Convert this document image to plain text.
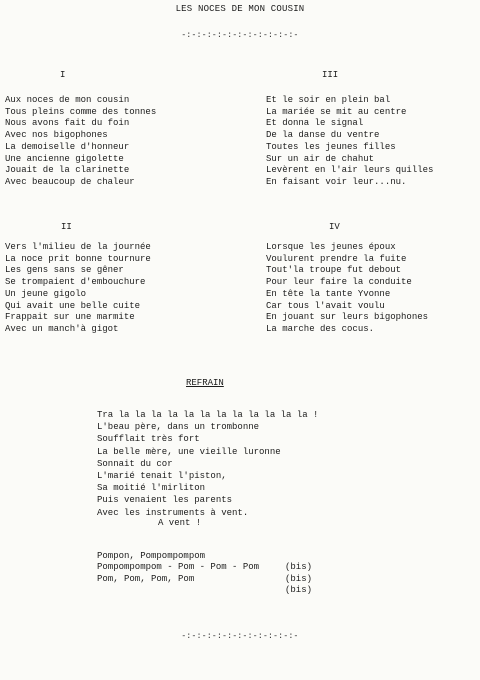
LES NOCES DE MON COUSIN
-:-:-:-:-:-:-:-:-:-:-:-
I
Aux noces de mon cousin
Tous pleins comme des tonnes
Nous avons fait du foin
Avec nos bigophones
La demoiselle d'honneur
Une ancienne gigolette
Jouait de la clarinette
Avec beaucoup de chaleur
III
Et le soir en plein bal
La mariée se mit au centre
Et donna le signal
De la danse du ventre
Toutes les jeunes filles
Sur un air de chahut
Levèrent en l'air leurs quilles
En faisant voir leur...nu.
II
Vers l'milieu de la journée
La noce prit bonne tournure
Les gens sans se gêner
Se trompaient d'embouchure
Un jeune gigolo
Qui avait une belle cuite
Frappait sur une marmite
Avec un manch'à gigot
IV
Lorsque les jeunes époux
Voulurent prendre la fuite
Tout'la troupe fut debout
Pour leur faire la conduite
En tête la tante Yvonne
Car tous l'avait voulu
En jouant sur leurs bigophones
La marche des cocus.
REFRAIN
Tra la la la la la la la la la la la la !
L'beau père, dans un trombonne
Soufflait très fort
La belle mère, une vieille luronne
Sonnait du cor
L'marié tenait l'piston,
Sa moitié l'mirliton
Puis venaient les parents
Avec les instruments à vent.
A vent !

Pompon, Pompompompom

(bis)

Pompompompom - Pom - Pom - Pom

(bis)

Pom, Pom, Pom, Pom

(bis)

-:-:-:-:-:-:-:-:-:-:-:-
